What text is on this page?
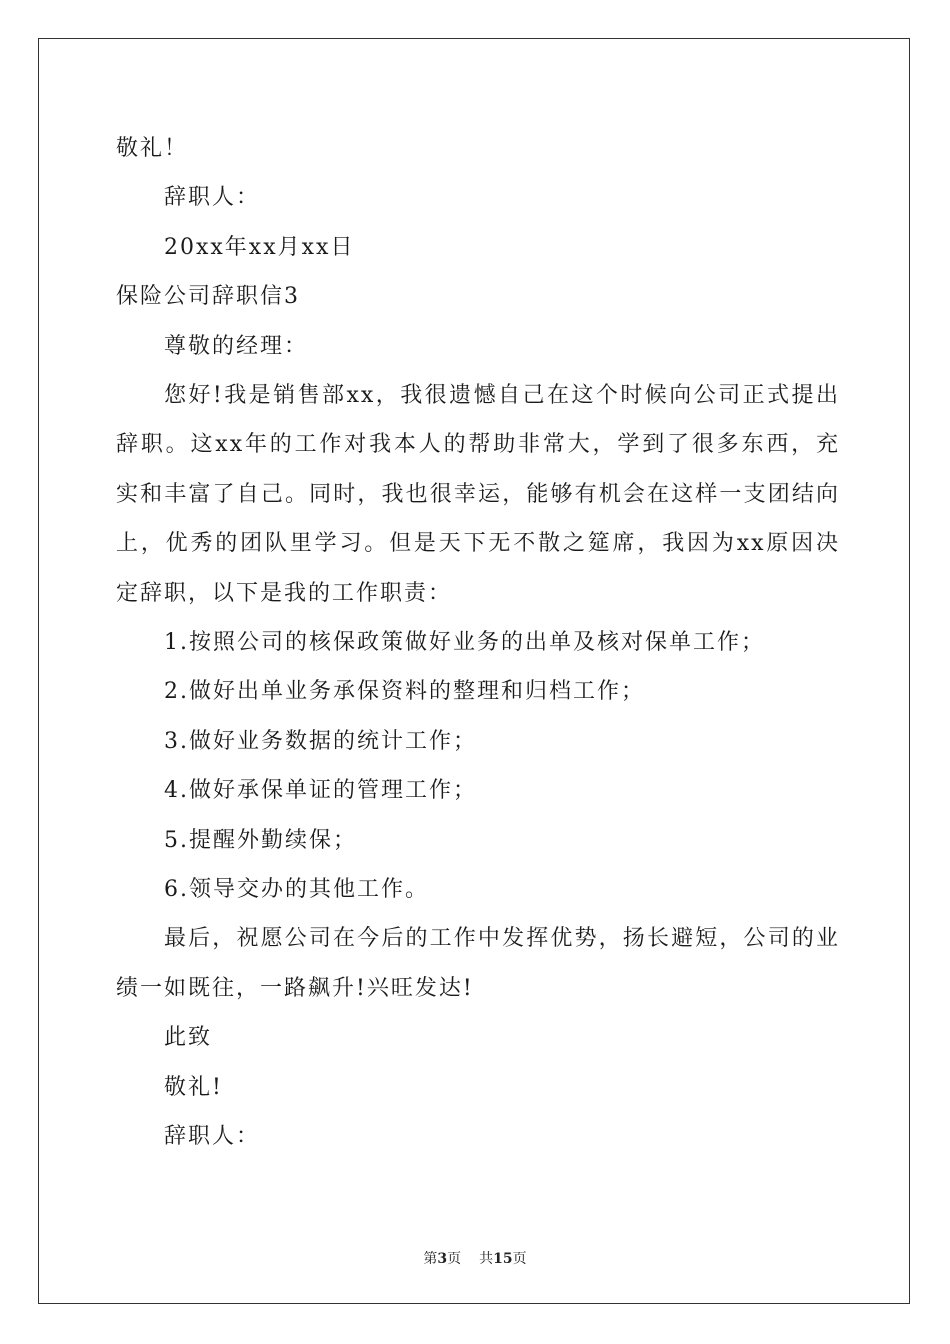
敬礼！
辞职人：
20xx年xx月xx日
保险公司辞职信3
尊敬的经理：
您好!我是销售部xx，我很遗憾自己在这个时候向公司正式提出辞职。这xx年的工作对我本人的帮助非常大，学到了很多东西，充实和丰富了自己。同时，我也很幸运，能够有机会在这样一支团结向上，优秀的团队里学习。但是天下无不散之筵席，我因为xx原因决定辞职，以下是我的工作职责：
1.按照公司的核保政策做好业务的出单及核对保单工作；
2.做好出单业务承保资料的整理和归档工作；
3.做好业务数据的统计工作；
4.做好承保单证的管理工作；
5.提醒外勤续保；
6.领导交办的其他工作。
最后，祝愿公司在今后的工作中发挥优势，扬长避短，公司的业绩一如既往，一路飙升!兴旺发达!
此致
敬礼!
辞职人：
第3页 共15页
